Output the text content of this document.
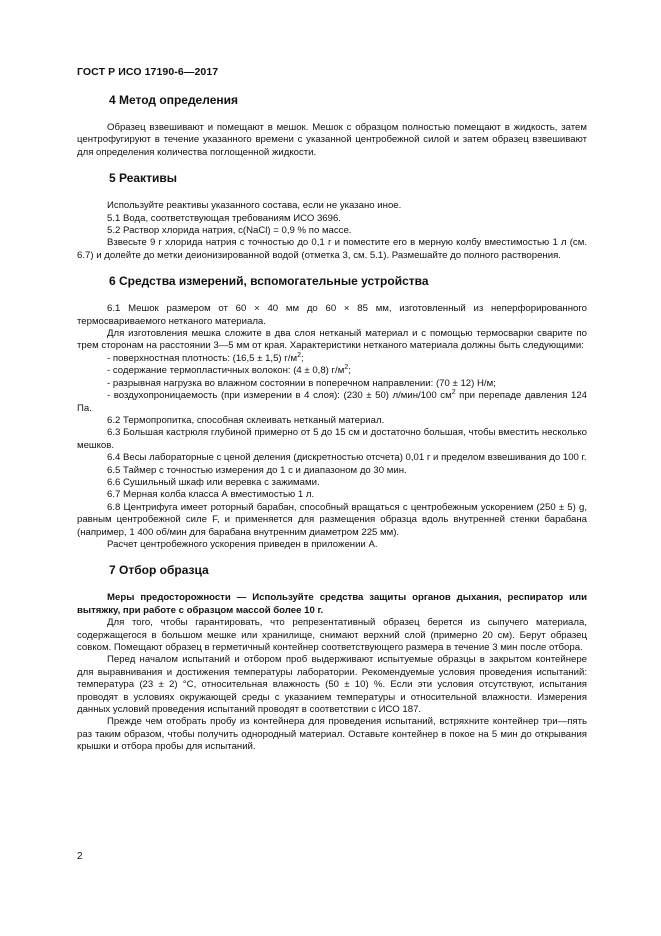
ГОСТ Р ИСО 17190-6—2017
4 Метод определения

Образец взвешивают и помещают в мешок. Мешок с образцом полностью помещают в жидкость, затем центрофугируют в течение указанного времени с указанной центробежной силой и затем образец взвешивают для определения количества поглощенной жидкости.

5 Реактивы

Используйте реактивы указанного состава, если не указано иное.

5.1 Вода, соответствующая требованиям ИСО 3696.

5.2 Раствор хлорида натрия, c(NaCl) = 0,9 % по массе.

Взвесьте 9 г хлорида натрия с точностью до 0,1 г и поместите его в мерную колбу вместимостью 1 л (см. 6.7) и долейте до метки деионизированной водой (отметка 3, см. 5.1). Размешайте до полного растворения.

6 Средства измерений, вспомогательные устройства

6.1 Мешок размером от 60 × 40 мм до 60 × 85 мм, изготовленный из неперфорированного термосвариваемого нетканого материала.

Для изготовления мешка сложите в два слоя нетканый материал и с помощью термосварки сварите по трем сторонам на расстоянии 3—5 мм от края. Характеристики нетканого материала должны быть следующими:

- поверхностная плотность: (16,5 ± 1,5) $г/м^2$;

- содержание термопластичных волокон: (4 ± 0,8) $г/м^2$;

- разрывная нагрузка во влажном состоянии в поперечном направлении: (70 ± 12) Н/м;

- воздухопроницаемость (при измерении в 4 слоя): (230 ± 50) л/мин/100 $см^2$ при перепаде давления 124 Па.

6.2 Термопропитка, способная склеивать нетканый материал.

6.3 Большая кастрюля глубиной примерно от 5 до 15 см и достаточно большая, чтобы вместить несколько мешков.

6.4 Весы лабораторные с ценой деления (дискретностью отсчета) 0,01 г и пределом взвешивания до 100 г.

6.5 Таймер с точностью измерения до 1 с и диапазоном до 30 мин.

6.6 Сушильный шкаф или веревка с зажимами.

6.7 Мерная колба класса А вместимостью 1 л.

6.8 Центрифуга имеет роторный барабан, способный вращаться с центробежным ускорением (250 ± 5) g, равным центробежной силе F, и применяется для размещения образца вдоль внутренней стенки барабана (например, 1 400 об/мин для барабана внутренним диаметром 225 мм).

Расчет центробежного ускорения приведен в приложении А.

7 Отбор образца

Меры предосторожности — Используйте средства защиты органов дыхания, респиратор или вытяжку, при работе с образцом массой более 10 г.

Для того, чтобы гарантировать, что репрезентативный образец берется из сыпучего материала, содержащегося в большом мешке или хранилище, снимают верхний слой (примерно 20 см). Берут образец совком. Помещают образец в герметичный контейнер соответствующего размера в течение 3 мин после отбора.

Перед началом испытаний и отбором проб выдерживают испытуемые образцы в закрытом контейнере для выравнивания и достижения температуры лаборатории. Рекомендуемые условия проведения испытаний: температура (23 ± 2) °С, относительная влажность (50 ± 10) %. Если эти условия отсутствуют, испытания проводят в условиях окружающей среды с указанием температуры и относительной влажности. Измерения данных условий проведения испытаний проводят в соответствии с ИСО 187.

Прежде чем отобрать пробу из контейнера для проведения испытаний, встряхните контейнер три—пять раз таким образом, чтобы получить однородный материал. Оставьте контейнер в покое на 5 мин до открывания крышки и отбора пробы для испытаний.

2
